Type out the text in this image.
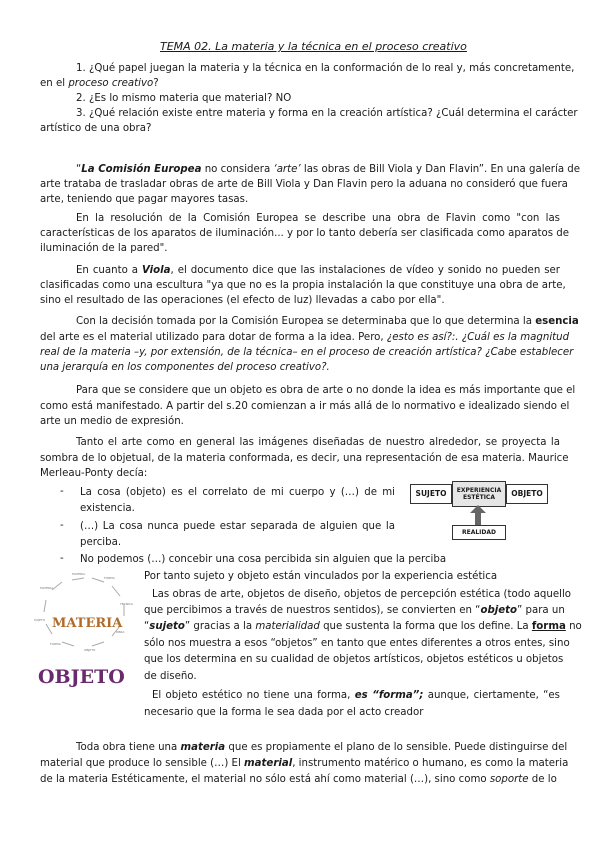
TEMA 02. La materia y la técnica en el proceso creativo
1. ¿Qué papel juegan la materia y la técnica en la conformación de lo real y, más concretamente,
en el proceso creativo?
2. ¿Es lo mismo materia que material? NO
3. ¿Qué relación existe entre materia y forma en la creación artística? ¿Cuál determina el carácter
artístico de una obra?
“La Comisión Europea no considera ‘arte’ las obras de Bill Viola y Dan Flavin”. En una galería de
arte trataba de trasladar obras de arte de Bill Viola y Dan Flavin pero la aduana no consideró que fuera
arte, teniendo que pagar mayores tasas.
En la resolución de la Comisión Europea se describe una obra de Flavin como "con las
características de los aparatos de iluminación... y por lo tanto debería ser clasificada como aparatos de
iluminación de la pared".
En cuanto a Viola, el documento dice que las instalaciones de vídeo y sonido no pueden ser
clasificadas como una escultura "ya que no es la propia instalación la que constituye una obra de arte,
sino el resultado de las operaciones (el efecto de luz) llevadas a cabo por ella".
Con la decisión tomada por la Comisión Europea se determinaba que lo que determina la esencia
del arte es el material utilizado para dotar de forma a la idea. Pero, ¿esto es así?:. ¿Cuál es la magnitud
real de la materia –y, por extensión, de la técnica– en el proceso de creación artística? ¿Cabe establecer
una jerarquía en los componentes del proceso creativo?.
Para que se considere que un objeto es obra de arte o no donde la idea es más importante que el
como está manifestado. A partir del s.20 comienzan a ir más allá de lo normativo e idealizado siendo el
arte un medio de expresión.
Tanto el arte como en general las imágenes diseñadas de nuestro alrededor, se proyecta la
sombra de lo objetual, de la materia conformada, es decir, una representación de esa materia. Maurice
Merleau-Ponty decía:
- La cosa (objeto) es el correlato de mi cuerpo y (…) de mi
existencia.
- (…) La cosa nunca puede estar separada de alguien que la
perciba.
- No podemos (…) concebir una cosa percibida sin alguien que la perciba
SUJETO	EXPERIENCIA ESTÉTICA	OBJETO
REALIDAD
MATERIA
FORMA
TÉCNICA
OBRA
OBJETO
FORMA
SUJETO
MATERIA
MATERIA
OBJETO
Por tanto sujeto y objeto están vinculados por la experiencia estética
Las obras de arte, objetos de diseño, objetos de percepción estética (todo aquello
que percibimos a través de nuestros sentidos), se convierten en “objeto” para un
“sujeto” gracias a la materialidad que sustenta la forma que los define. La forma no
sólo nos muestra a esos “objetos” en tanto que entes diferentes a otros entes, sino
que los determina en su cualidad de objetos artísticos, objetos estéticos u objetos
de diseño.
El objeto estético no tiene una forma, es “forma”; aunque, ciertamente, “es
necesario que la forma le sea dada por el acto creador
Toda obra tiene una materia que es propiamente el plano de lo sensible. Puede distinguirse del
material que produce lo sensible (…) El material, instrumento matérico o humano, es como la materia
de la materia Estéticamente, el material no sólo está ahí como material (…), sino como soporte de lo
